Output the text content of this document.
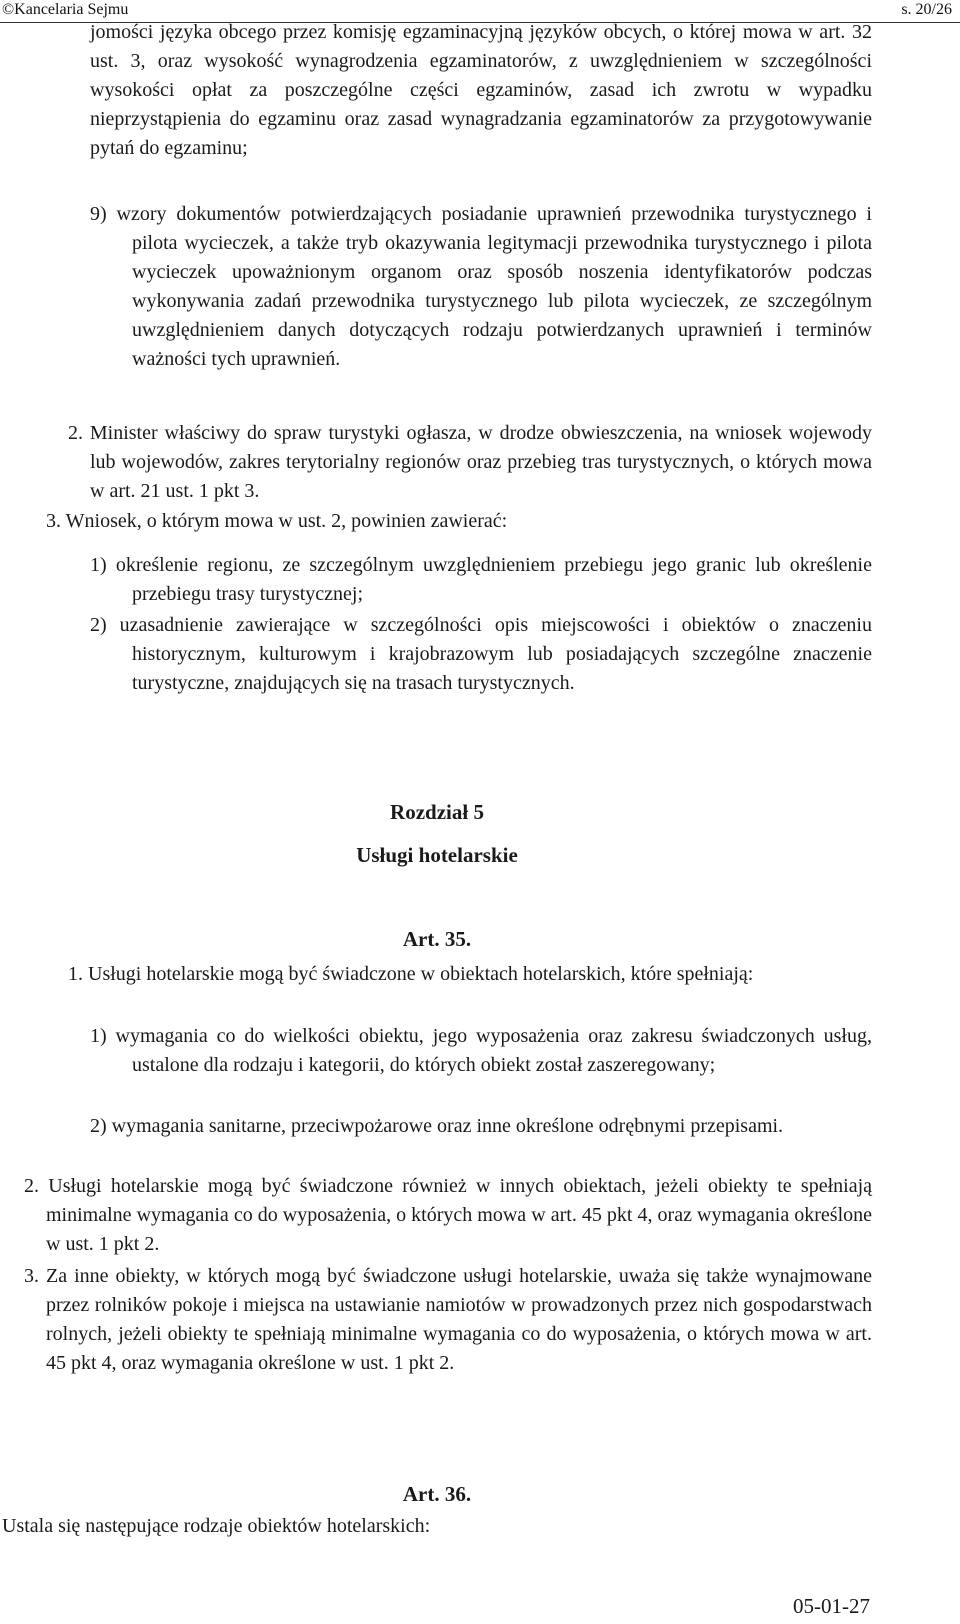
©Kancelaria Sejmu	s. 20/26

jomości języka obcego przez komisję egzaminacyjną języków obcych, o której mowa w art. 32 ust. 3, oraz wysokość wynagrodzenia egzaminatorów, z uwzględnieniem w szczególności wysokości opłat za poszczególne części egzaminów, zasad ich zwrotu w wypadku nieprzystąpienia do egzaminu oraz zasad wynagradzania egzaminatorów za przygotowywanie pytań do egzaminu;

9) wzory dokumentów potwierdzających posiadanie uprawnień przewodnika turystycznego i pilota wycieczek, a także tryb okazywania legitymacji przewodnika turystycznego i pilota wycieczek upoważnionym organom oraz sposób noszenia identyfikatorów podczas wykonywania zadań przewodnika turystycznego lub pilota wycieczek, ze szczególnym uwzględnieniem danych dotyczących rodzaju potwierdzanych uprawnień i terminów ważności tych uprawnień.

2. Minister właściwy do spraw turystyki ogłasza, w drodze obwieszczenia, na wniosek wojewody lub wojewodów, zakres terytorialny regionów oraz przebieg tras turystycznych, o których mowa w art. 21 ust. 1 pkt 3.

3. Wniosek, o którym mowa w ust. 2, powinien zawierać:

1) określenie regionu, ze szczególnym uwzględnieniem przebiegu jego granic lub określenie przebiegu trasy turystycznej;

2) uzasadnienie zawierające w szczególności opis miejscowości i obiektów o znaczeniu historycznym, kulturowym i krajobrazowym lub posiadających szczególne znaczenie turystyczne, znajdujących się na trasach turystycznych.

Rozdział 5

Usługi hotelarskie

Art. 35.

1. Usługi hotelarskie mogą być świadczone w obiektach hotelarskich, które spełniają:

1) wymagania co do wielkości obiektu, jego wyposażenia oraz zakresu świadczonych usług, ustalone dla rodzaju i kategorii, do których obiekt został zaszeregowany;

2) wymagania sanitarne, przeciwpożarowe oraz inne określone odrębnymi przepisami.

2. Usługi hotelarskie mogą być świadczone również w innych obiektach, jeżeli obiekty te spełniają minimalne wymagania co do wyposażenia, o których mowa w art. 45 pkt 4, oraz wymagania określone w ust. 1 pkt 2.

3. Za inne obiekty, w których mogą być świadczone usługi hotelarskie, uważa się także wynajmowane przez rolników pokoje i miejsca na ustawianie namiotów w prowadzonych przez nich gospodarstwach rolnych, jeżeli obiekty te spełniają minimalne wymagania co do wyposażenia, o których mowa w art. 45 pkt 4, oraz wymagania określone w ust. 1 pkt 2.

Art. 36.

Ustala się następujące rodzaje obiektów hotelarskich:

05-01-27
